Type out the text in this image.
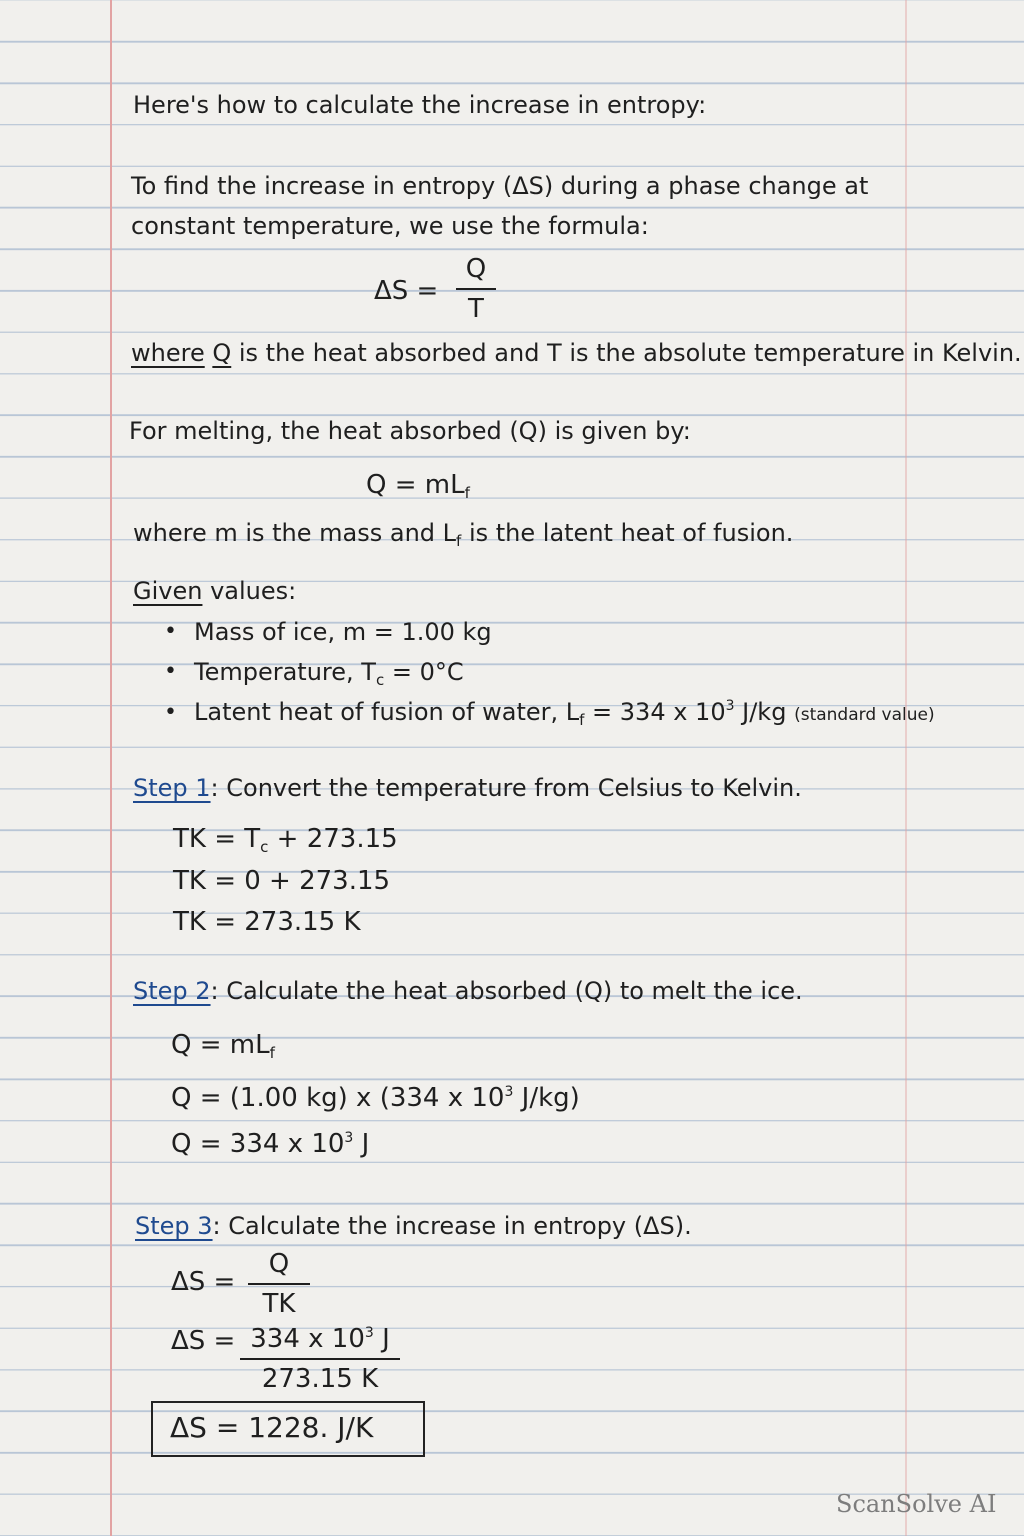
Here's how to calculate the increase in entropy:
To find the increase in entropy (ΔS) during a phase change at
constant temperature, we use the formula:
ΔS =
Q
T
where Q is the heat absorbed and T is the absolute temperature in Kelvin.
For melting, the heat absorbed (Q) is given by:
$Q = mL_f$
where m is the mass and $L_f$ is the latent heat of fusion.
Given values:
• Mass of ice, m = 1.00 kg
• Temperature, $T_c = 0^\circ C$
• Latent heat of fusion of water, $L_f = 334$ x $10^3$ J/kg (standard value)
Step 1: Convert the temperature from Celsius to Kelvin.
TK = $T_c + 273.15$
TK = 0 + 273.15
TK = 273.15 K
Step 2: Calculate the heat absorbed (Q) to melt the ice.
$Q = mL_f$
Q = (1.00 kg) x (334 x $10^3$ J/kg)
Q = 334 x $10^3$ J
Step 3: Calculate the increase in entropy (ΔS).
ΔS =
Q
TK
ΔS = 334 x $10^3$ J
273.15 K
ΔS = 1228. J/K
ScanSolve AI
